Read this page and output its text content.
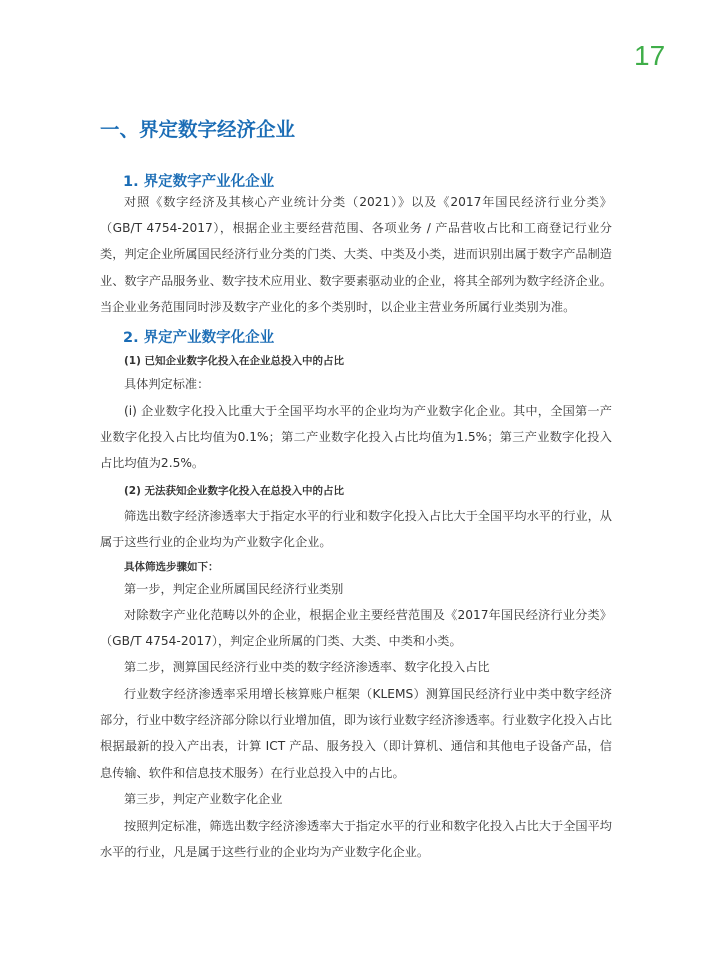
17
一、界定数字经济企业
1. 界定数字产业化企业

对照《数字经济及其核心产业统计分类（2021）》以及《2017年国民经济行业分类》（GB/T 4754-2017），根据企业主要经营范围、各项业务 / 产品营收占比和工商登记行业分类，判定企业所属国民经济行业分类的门类、大类、中类及小类，进而识别出属于数字产品制造业、数字产品服务业、数字技术应用业、数字要素驱动业的企业，将其全部列为数字经济企业。当企业业务范围同时涉及数字产业化的多个类别时，以企业主营业务所属行业类别为准。

2. 界定产业数字化企业
(1) 已知企业数字化投入在企业总投入中的占比
具体判定标准：

(i) 企业数字化投入比重大于全国平均水平的企业均为产业数字化企业。其中，全国第一产业数字化投入占比均值为0.1%；第二产业数字化投入占比均值为1.5%；第三产业数字化投入占比均值为2.5%。

(2) 无法获知企业数字化投入在总投入中的占比

筛选出数字经济渗透率大于指定水平的行业和数字化投入占比大于全国平均水平的行业，从属于这些行业的企业均为产业数字化企业。

具体筛选步骤如下：
第一步，判定企业所属国民经济行业类别

对除数字产业化范畴以外的企业，根据企业主要经营范围及《2017年国民经济行业分类》（GB/T 4754-2017），判定企业所属的门类、大类、中类和小类。

第二步，测算国民经济行业中类的数字经济渗透率、数字化投入占比

行业数字经济渗透率采用增长核算账户框架（KLEMS）测算国民经济行业中类中数字经济部分，行业中数字经济部分除以行业增加值，即为该行业数字经济渗透率。行业数字化投入占比根据最新的投入产出表，计算 ICT 产品、服务投入（即计算机、通信和其他电子设备产品，信息传输、软件和信息技术服务）在行业总投入中的占比。

第三步，判定产业数字化企业

按照判定标准，筛选出数字经济渗透率大于指定水平的行业和数字化投入占比大于全国平均水平的行业，凡是属于这些行业的企业均为产业数字化企业。
